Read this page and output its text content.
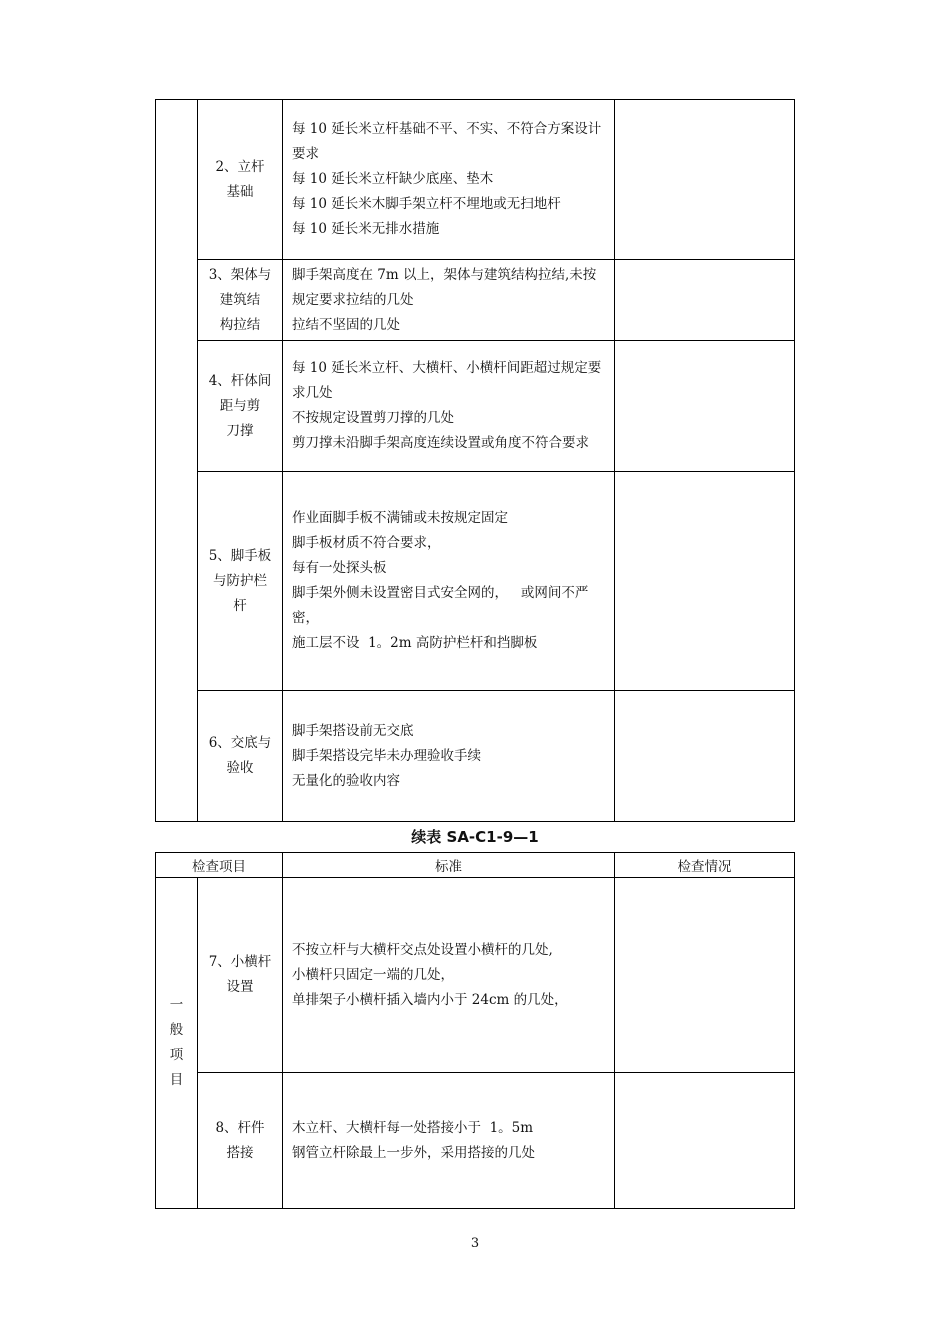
	2、立杆
基础	每 10 延长米立杆基础不平、不实、不符合方案设计要求
每 10 延长米立杆缺少底座、垫木
每 10 延长米木脚手架立杆不埋地或无扫地杆
每 10 延长米无排水措施	

	3、架体与
建筑结
构拉结	脚手架高度在 7m 以上，架体与建筑结构拉结,未按规定要求拉结的几处
拉结不坚固的几处	

	4、杆体间
距与剪
刀撑	每 10 延长米立杆、大横杆、小横杆间距超过规定要求几处
不按规定设置剪刀撑的几处
剪刀撑未沿脚手架高度连续设置或角度不符合要求	

	5、脚手板
与防护栏
杆	作业面脚手板不满铺或未按规定固定
脚手板材质不符合要求，
每有一处探头板
脚手架外侧未设置密目式安全网的，   或网间不严密，
施工层不设  1。2m 高防护栏杆和挡脚板	

	6、交底与
验收	脚手架搭设前无交底
脚手架搭设完毕未办理验收手续
无量化的验收内容	

续表 SA-C1-9—1
检查项目		标准	检查情况

一
般
项
目	7、小横杆
设置	不按立杆与大横杆交点处设置小横杆的几处,
小横杆只固定一端的几处，
单排架子小横杆插入墙内小于 24cm 的几处，	

	8、杆件
搭接	木立杆、大横杆每一处搭接小于  1。5m
钢管立杆除最上一步外，采用搭接的几处	

3
